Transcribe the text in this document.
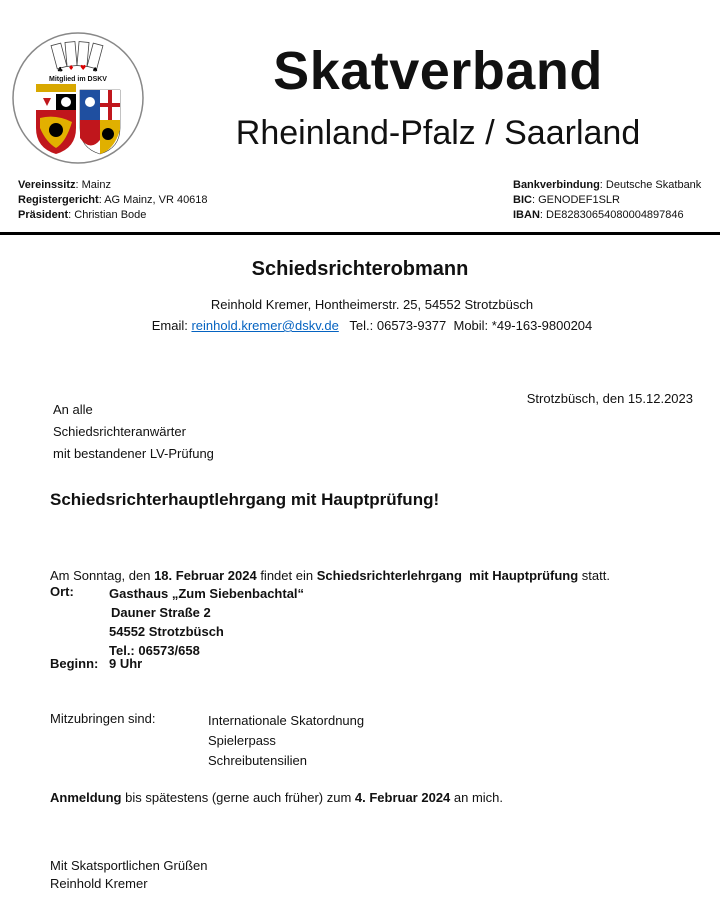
♣ ♦ ♥ ♠
Mitglied im DSKV	Skatverband
Rheinland-Pfalz / Saarland
Vereinssitz: Mainz
Registergericht: AG Mainz, VR 40618
Präsident: Christian Bode
Bankverbindung: Deutsche Skatbank
BIC: GENODEF1SLR
IBAN: DE82830654080004897846
Schiedsrichterobmann
Reinhold Kremer, Hontheimerstr. 25, 54552 Strotzbüsch
Email: reinhold.kremer@dskv.de   Tel.: 06573-9377  Mobil: *49-163-9800204
Strotzbüsch, den 15.12.2023
An alle
Schiedsrichteranwärter
mit bestandener LV-Prüfung
Schiedsrichterhauptlehrgang mit Hauptprüfung!

Am Sonntag, den 18. Februar 2024 findet ein Schiedsrichterlehrgang  mit Hauptprüfung statt.

Ort:	Gasthaus „Zum Siebenbachtal“
Dauner Straße 2
54552 Strotzbüsch
Tel.: 06573/658
Beginn: 9 Uhr
Mitzubringen sind:	Internationale Skatordnung
Spielerpass
Schreibutensilien
Anmeldung bis spätestens (gerne auch früher) zum 4. Februar 2024 an mich.
Mit Skatsportlichen Grüßen
Reinhold Kremer
